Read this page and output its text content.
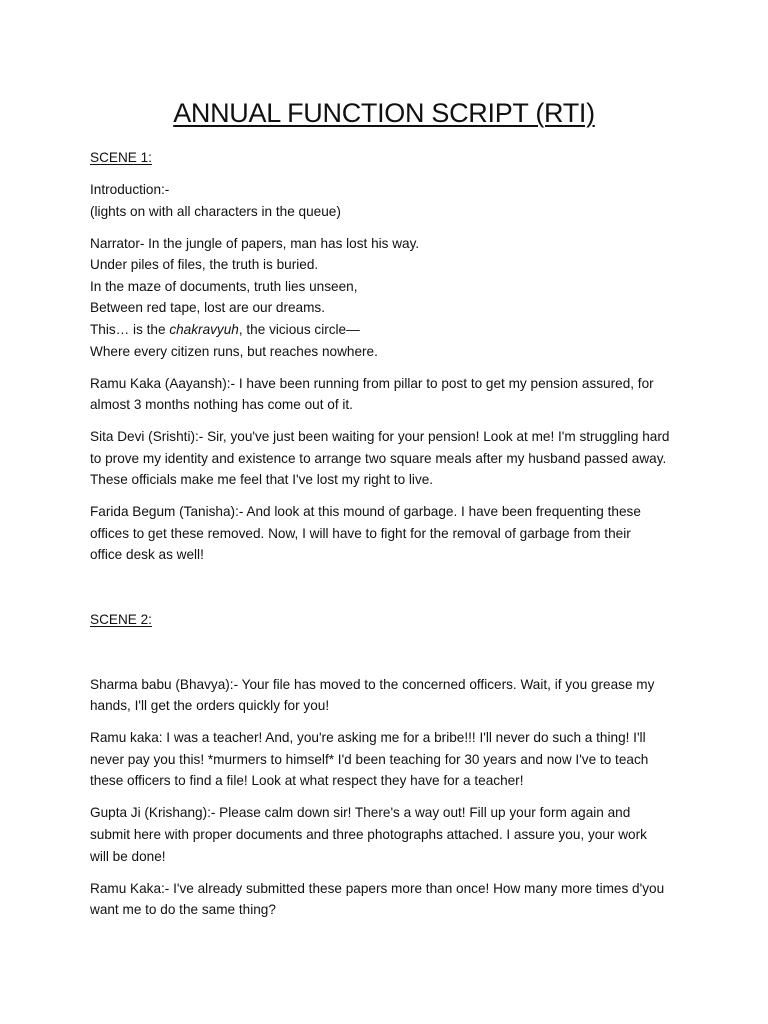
ANNUAL FUNCTION SCRIPT (RTI)

SCENE 1:

Introduction:-
(lights on with all characters in the queue)

Narrator- In the jungle of papers, man has lost his way.
Under piles of files, the truth is buried.
In the maze of documents, truth lies unseen,
Between red tape, lost are our dreams.
This… is the chakravyuh, the vicious circle—
Where every citizen runs, but reaches nowhere.

Ramu Kaka (Aayansh):- I have been running from pillar to post to get my pension assured, for
almost 3 months nothing has come out of it.

Sita Devi (Srishti):- Sir, you've just been waiting for your pension! Look at me! I'm struggling hard
to prove my identity and existence to arrange two square meals after my husband passed away.
These officials make me feel that I've lost my right to live.

Farida Begum (Tanisha):- And look at this mound of garbage. I have been frequenting these
offices to get these removed. Now, I will have to fight for the removal of garbage from their
office desk as well!

SCENE 2:

Sharma babu (Bhavya):- Your file has moved to the concerned officers. Wait, if you grease my
hands, I'll get the orders quickly for you!

Ramu kaka: I was a teacher! And, you're asking me for a bribe!!! I'll never do such a thing! I'll
never pay you this! *murmers to himself* I'd been teaching for 30 years and now I've to teach
these officers to find a file! Look at what respect they have for a teacher!

Gupta Ji (Krishang):- Please calm down sir! There's a way out! Fill up your form again and
submit here with proper documents and three photographs attached. I assure you, your work
will be done!

Ramu Kaka:- I've already submitted these papers more than once! How many more times d'you
want me to do the same thing?
